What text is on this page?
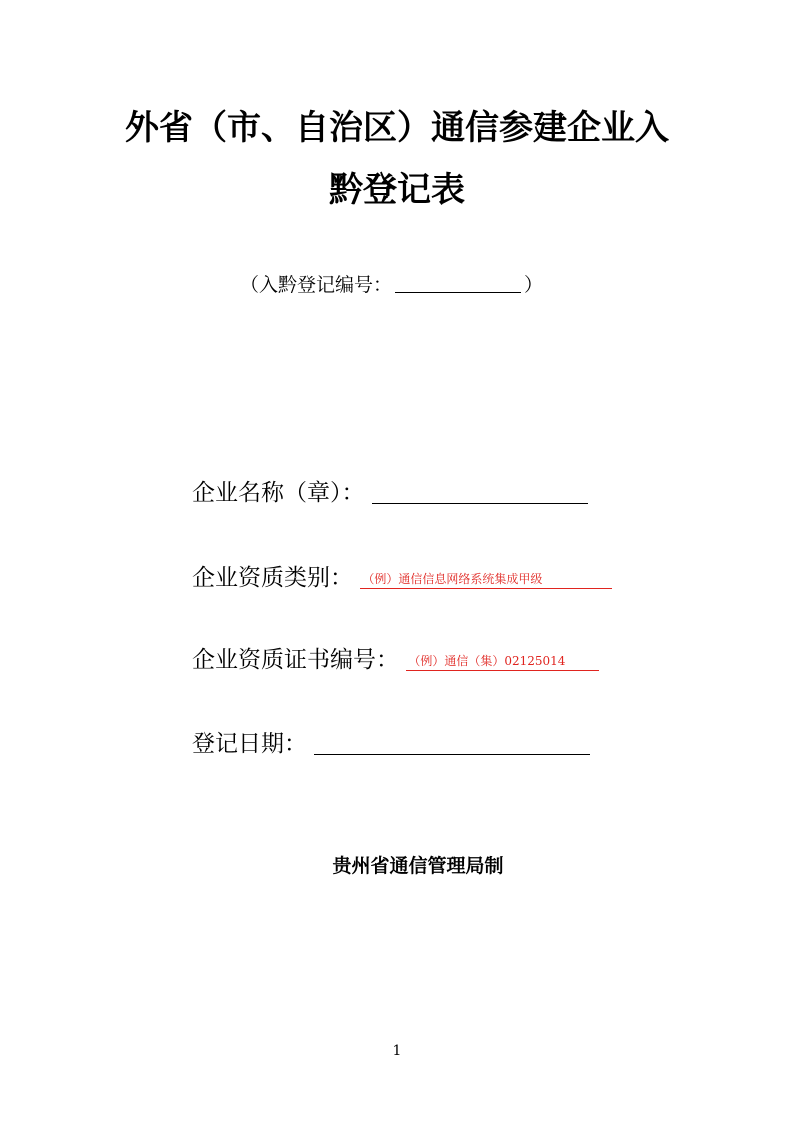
外省（市、自治区）通信参建企业入
黔登记表
（入黔登记编号：	）
企业名称（章）：
企业资质类别： （例）通信信息网络系统集成甲级
企业资质证书编号： （例）通信（集）02125014
登记日期：
贵州省通信管理局制
1
